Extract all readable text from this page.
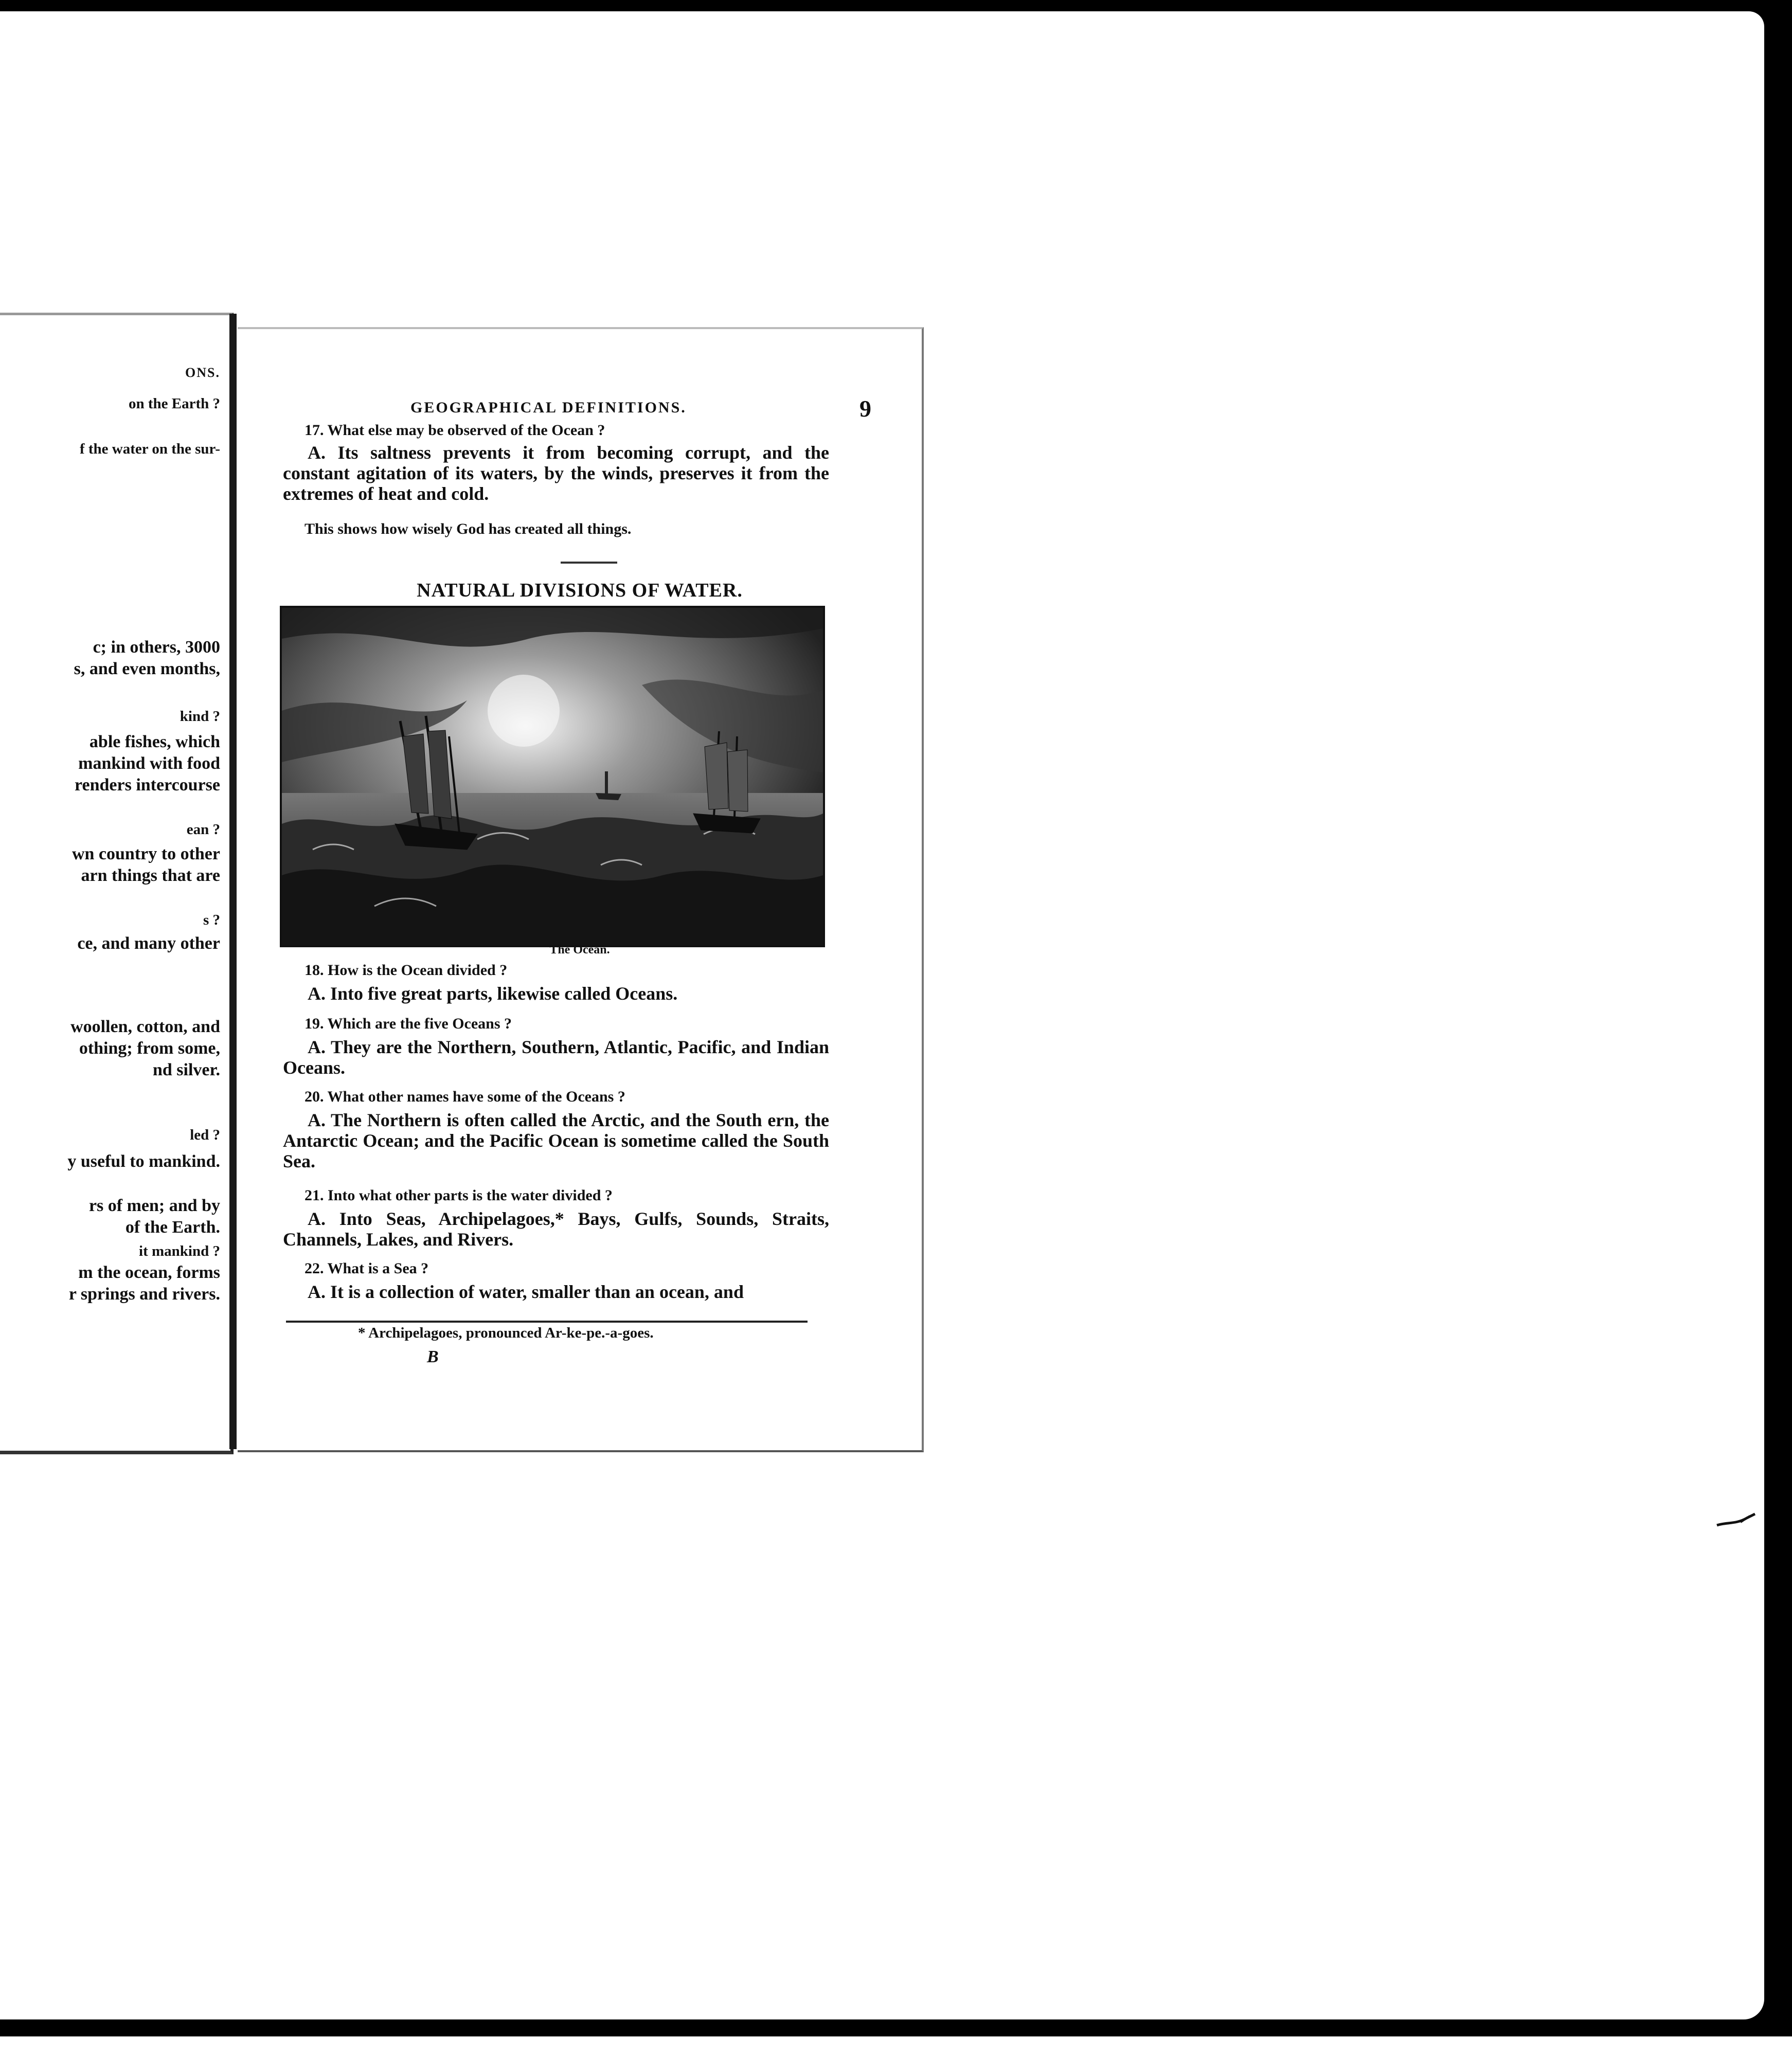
ONS.
on the Earth ?
f the water on the sur-
c; in others, 3000
s, and even months,
kind ?
able fishes, which
mankind with food
renders intercourse
ean ?
wn country to other
arn things that are
s ?
ce, and many other
woollen, cotton, and
othing; from some,
nd silver.
led ?
y useful to mankind.
rs of men; and by
of the Earth.
it mankind ?
m the ocean, forms
r springs and rivers.
GEOGRAPHICAL DEFINITIONS.	9
17. What else may be observed of the Ocean ?
A. Its saltness prevents it from becoming corrupt, and the constant agitation of its waters, by the winds, preserves it from the extremes of heat and cold.
This shows how wisely God has created all things.
NATURAL DIVISIONS OF WATER.
The Ocean.
18. How is the Ocean divided ?
A. Into five great parts, likewise called Oceans.
19. Which are the five Oceans ?
A. They are the Northern, Southern, Atlantic, Pacific, and Indian Oceans.
20. What other names have some of the Oceans ?
A. The Northern is often called the Arctic, and the South ern, the Antarctic Ocean; and the Pacific Ocean is sometime called the South Sea.
21. Into what other parts is the water divided ?
A. Into Seas, Archipelagoes,* Bays, Gulfs, Sounds, Straits, Channels, Lakes, and Rivers.
22. What is a Sea ?
A. It is a collection of water, smaller than an ocean, and
* Archipelagoes, pronounced Ar-ke-pe.-a-goes.
B
